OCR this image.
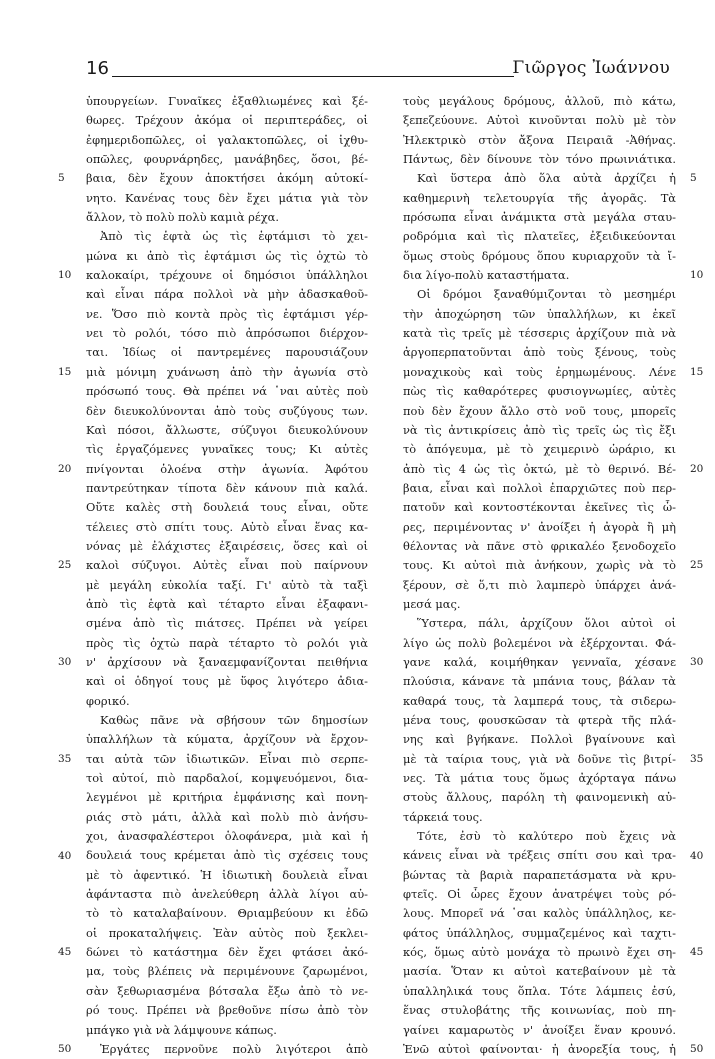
16	Γιῶργος Ἰωάννου
ὑπουργείων. Γυναῖκες ἐξαθλιωμένες καὶ ξέ-
θωρες. Τρέχουν ἀκόμα οἱ περιπτεράδες, οἱ
ἐφημεριδοπῶλες, οἱ γαλακτοπῶλες, οἱ ἰχθυ-
οπῶλες, φουρνάρηδες, μανάβηδες, ὅσοι, βέ-
βαια, δὲν ἔχουν ἀποκτήσει ἀκόμη αὐτοκί-
νητο. Κανένας τους δὲν ἔχει μάτια γιὰ τὸν
ἄλλον, τὸ πολὺ πολὺ καμιὰ ρέχα.
Ἀπὸ τὶς ἑφτὰ ὡς τὶς ἑφτάμισι τὸ χει-
μώνα κι ἀπὸ τὶς ἑφτάμισι ὡς τὶς ὀχτὼ τὸ
καλοκαίρι, τρέχουνε οἱ δημόσιοι ὑπάλληλοι
καὶ εἶναι πάρα πολλοὶ νὰ μὴν ἀδασκαθοῦ-
νε. Ὅσο πιὸ κοντὰ πρὸς τὶς ἑφτάμισι γέρ-
νει τὸ ρολόι, τόσο πιὸ ἀπρόσωποι διέρχον-
ται. Ἰδίως οἱ παντρεμένες παρουσιάζουν
μιὰ μόνιμη χυάνωση ἀπὸ τὴν ἀγωνία στὸ
πρόσωπό τους. Θὰ πρέπει νά ῾ναι αὐτὲς ποὺ
δὲν διευκολύνονται ἀπὸ τοὺς συζύγους των.
Καὶ πόσοι, ἄλλωστε, σύζυγοι διευκολύνουν
τὶς ἐργαζόμενες γυναῖκες τους; Κι αὐτὲς
πνίγονται ὁλοένα στὴν ἀγωνία. Ἀφότου
παντρεύτηκαν τίποτα δὲν κάνουν πιὰ καλά.
Οὔτε καλὲς στὴ δουλειά τους εἶναι, οὔτε
τέλειες στὸ σπίτι τους. Αὐτὸ εἶναι ἕνας κα-
νόνας μὲ ἐλάχιστες ἐξαιρέσεις, ὅσες καὶ οἱ
καλοὶ σύζυγοι. Αὐτὲς εἶναι ποὺ παίρνουν
μὲ μεγάλη εὐκολία ταξί. Γι' αὐτὸ τὰ ταξὶ
ἀπὸ τὶς ἑφτὰ καὶ τέταρτο εἶναι ἐξαφανι-
σμένα ἀπὸ τὶς πιάτσες. Πρέπει νὰ γείρει
πρὸς τὶς ὀχτὼ παρὰ τέταρτο τὸ ρολόι γιὰ
ν' ἀρχίσουν νὰ ξαναεμφανίζονται πειθήνια
καὶ οἱ ὁδηγοί τους μὲ ὕφος λιγότερο ἀδια-
φορικό.
Καθὼς πᾶνε νὰ σβήσουν τῶν δημοσίων
ὑπαλλήλων τὰ κύματα, ἀρχίζουν νὰ ἔρχον-
ται αὐτὰ τῶν ἰδιωτικῶν. Εἶναι πιὸ σερπε-
τοὶ αὐτοί, πιὸ παρδαλοί, κομψευόμενοι, δια-
λεγμένοι μὲ κριτήρια ἐμφάνισης καὶ πονη-
ριάς στὸ μάτι, ἀλλὰ καὶ πολὺ πιὸ ἀνήσυ-
χοι, ἀνασφαλέστεροι ὁλοφάνερα, μιὰ καὶ ἡ
δουλειά τους κρέμεται ἀπὸ τὶς σχέσεις τους
μὲ τὸ ἀφεντικό. Ἡ ἰδιωτικὴ δουλειὰ εἶναι
ἀφάνταστα πιὸ ἀνελεύθερη ἀλλὰ λίγοι αὐ-
τὸ τὸ καταλαβαίνουν. Θριαμβεύουν κι ἐδῶ
οἱ προκαταλήψεις. Ἐὰν αὐτὸς ποὺ ξεκλει-
δώνει τὸ κατάστημα δὲν ἔχει φτάσει ἀκό-
μα, τοὺς βλέπεις νὰ περιμένουνε ζαρωμένοι,
σὰν ξεθωριασμένα βότσαλα ἔξω ἀπὸ τὸ νε-
ρό τους. Πρέπει νὰ βρεθοῦνε πίσω ἀπὸ τὸν
μπάγκο γιὰ νὰ λάμψουνε κάπως.
Ἐργάτες περνοῦνε πολὺ λιγότεροι ἀπὸ
τοὺς μεγάλους δρόμους, ἀλλοῦ, πιὸ κάτω,
ξεπεζεύουνε. Αὐτοὶ κινοῦνται πολὺ μὲ τὸν
Ἠλεκτρικὸ στὸν ἄξονα Πειραιᾶ -Ἀθήνας.
Πάντως, δὲν δίνουνε τὸν τόνο πρωινιάτικα.
Καὶ ὕστερα ἀπὸ ὅλα αὐτὰ ἀρχίζει ἡ
καθημερινὴ τελετουργία τῆς ἀγορᾶς. Τὰ
πρόσωπα εἶναι ἀνάμικτα στὰ μεγάλα σταυ-
ροδρόμια καὶ τὶς πλατεῖες, ἐξειδικεύονται
ὅμως στοὺς δρόμους ὅπου κυριαρχοῦν τὰ ἴ-
δια λίγο-πολὺ καταστήματα.
Οἱ δρόμοι ξαναθύμιζονται τὸ μεσημέρι
τὴν ἀποχώρηση τῶν ὑπαλλήλων, κι ἐκεῖ
κατὰ τὶς τρεῖς μὲ τέσσερις ἀρχίζουν πιὰ νὰ
ἀργοπερπατοῦνται ἀπὸ τοὺς ξένους, τοὺς
μοναχικοὺς καὶ τοὺς ἐρημωμένους. Λένε
πὼς τὶς καθαρότερες φυσιογνωμίες, αὐτὲς
ποὺ δὲν ἔχουν ἄλλο στὸ νοῦ τους, μπορεῖς
νὰ τὶς ἀντικρίσεις ἀπὸ τὶς τρεῖς ὡς τὶς ἔξι
τὸ ἀπόγευμα, μὲ τὸ χειμερινὸ ὡράριο, κι
ἀπὸ τὶς 4 ὡς τὶς ὀκτώ, μὲ τὸ θερινό. Βέ-
βαια, εἶναι καὶ πολλοὶ ἐπαρχιῶτες ποὺ περ-
πατοῦν καὶ κοντοστέκονται ἐκεῖνες τὶς ὧ-
ρες, περιμένοντας ν' ἀνοίξει ἡ ἀγορὰ ἢ μὴ
θέλοντας νὰ πᾶνε στὸ φρικαλέο ξενοδοχεῖο
τους. Κι αὐτοὶ πιὰ ἀνήκουν, χωρὶς νὰ τὸ
ξέρουν, σὲ ὅ,τι πιὸ λαμπερὸ ὑπάρχει ἀνά-
μεσά μας.
Ὕστερα, πάλι, ἀρχίζουν ὅλοι αὐτοὶ οἱ
λίγο ὡς πολὺ βολεμένοι νὰ ἐξέρχονται. Φά-
γανε καλά, κοιμήθηκαν γενναῖα, χέσανε
πλούσια, κάνανε τὰ μπάνια τους, βάλαν τὰ
καθαρά τους, τὰ λαμπερά τους, τὰ σιδερω-
μένα τους, φουσκῶσαν τὰ φτερὰ τῆς πλά-
νης καὶ βγήκανε. Πολλοὶ βγαίνουνε καὶ
μὲ τὰ ταίρια τους, γιὰ νὰ δοῦνε τὶς βιτρί-
νες. Τὰ μάτια τους ὅμως ἀχόρταγα πάνω
στοὺς ἄλλους, παρόλη τὴ φαινομενικὴ αὐ-
τάρκειά τους.
Τότε, ἐσὺ τὸ καλύτερο ποὺ ἔχεις νὰ
κάνεις εἶναι νὰ τρέξεις σπίτι σου καὶ τρα-
βώντας τὰ βαριὰ παραπετάσματα νὰ κρυ-
φτεῖς. Οἱ ὧρες ἔχουν ἀνατρέψει τοὺς ρό-
λους. Μπορεῖ νά ῾σαι καλὸς ὑπάλληλος, κε-
φάτος ὑπάλληλος, συμμαζεμένος καὶ ταχτι-
κός, ὅμως αὐτὸ μονάχα τὸ πρωινὸ ἔχει ση-
μασία. Ὅταν κι αὐτοὶ κατεβαίνουν μὲ τὰ
ὑπαλληλικά τους ὅπλα. Τότε λάμπεις ἐσύ,
ἕνας στυλοβάτης τῆς κοινωνίας, ποὺ πη-
γαίνει καμαρωτὸς ν' ἀνοίξει ἕναν κρουνό.
Ἐνῶ αὐτοὶ φαίνονται· ἡ ἀνορεξία τους, ἡ
5
10
15
20
25
30
35
40
45
50
5
10
15
20
25
30
35
40
45
50
